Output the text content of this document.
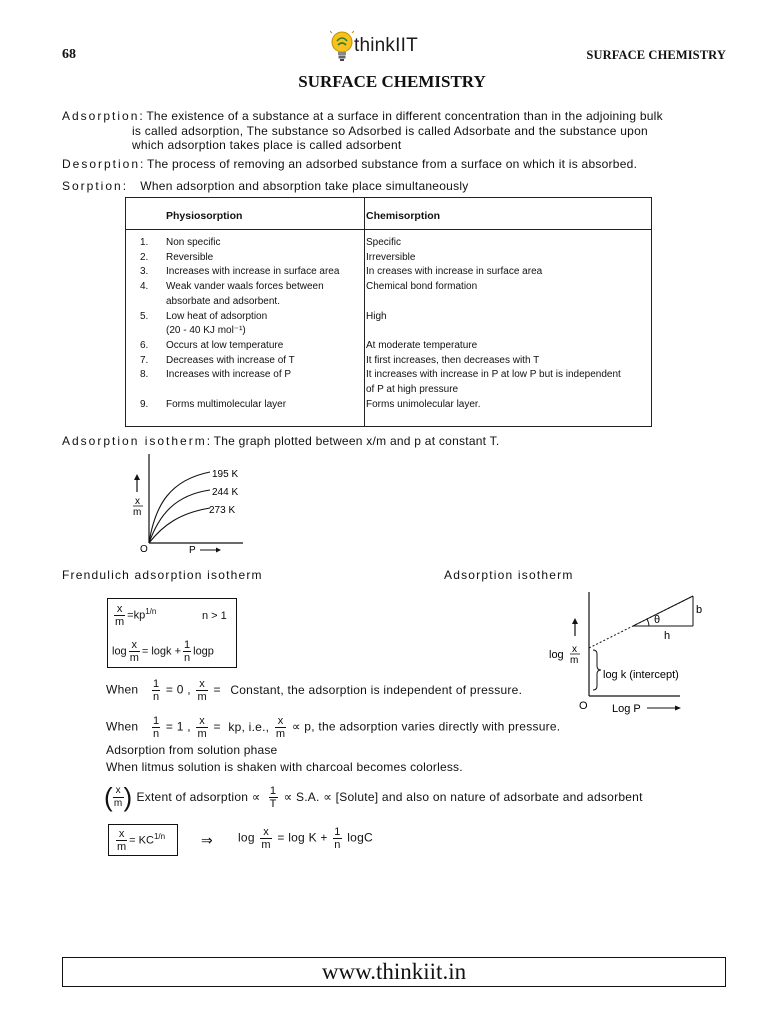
68	thinkIIT	SURFACE CHEMISTRY
SURFACE CHEMISTRY
Adsorption: The existence of a substance at a surface in different concentration than in the adjoining bulk
is called adsorption, The substance so Adsorbed is called Adsorbate and the substance upon
which adsorption takes place is called adsorbent
Desorption: The process of removing an adsorbed substance from a surface on which it is absorbed.
Sorption: When adsorption and absorption take place simultaneously
Physiosorption	Chemisorption
1.	Non specific	Specific
2.	Reversible	Irreversible
3.	Increases with increase in surface area	In creases with increase in surface area
4.	Weak vander waals forces between	Chemical bond formation
absorbate and adsorbent.
5.	Low heat of adsorption	High
(20 - 40 KJ mol⁻¹)
6.	Occurs at low temperature	At moderate temperature
7.	Decreases with increase of T	It first increases, then decreases with T
8.	Increases with increase of P	It increases with increase in P at low P but is independent
of P at high pressure
9.	Forms multimolecular layer	Forms unimolecular layer.
Adsorption isotherm: The graph plotted between x/m and p at constant T.
195 K
244 K
273 K
x
m
O	P
Frendulich adsorption isotherm	Adsorption isotherm
$\frac{x}{m} =kp^{1/n}$	n > 1
$\log \frac{x}{m} = \log k + \frac{1}{n}$ logp
θ
b
h
log k (intercept)
log x
m
O Log P
When $\frac{1}{n} = 0$ , $\frac{x}{m}$ = Constant, the adsorption is independent of pressure.
When $\frac{1}{n} = 1$ , $\frac{x}{m}$ = kp, i.e., $\frac{x}{m} \propto p$, the adsorption varies directly with pressure.
Adsorption from solution phase
When litmus solution is shaken with charcoal becomes colorless.
( $\frac{x}{m}$ ) Extent of adsorption ∝ $\frac{1}{T} \propto S.A$. ∝ [Solute] and also on nature of adsorbate and adsorbent
$\frac{x}{m} = KC^{1/n}$	⇒ $\log \frac{x}{m} = \log K + \frac{1}{n}$ logC
www.thinkiit.in
